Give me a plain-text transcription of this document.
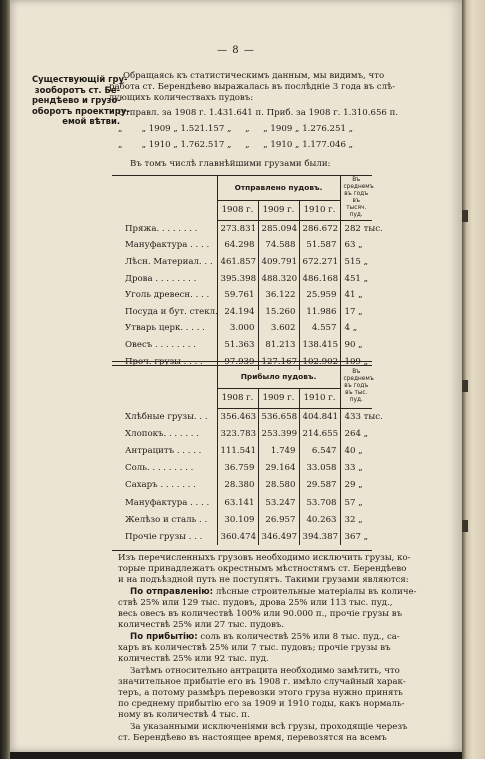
— 8 —
Существующій гру-
зооборотъ ст. Бе-
рендѣево и грузо-
оборотъ проектиру-
емой вѣтви.
Обращаясь къ статистическимъ данным, мы видимъ, что
работа ст. Берендѣево выражалась въ послѣдніе 3 года въ слѣ-
дующихъ количествахъ пудовъ:
Отправл. за 1908 г. 1.431.641 п. Приб. за 1908 г. 1.310.656 п.
„       „ 1909 „ 1.521.157 „     „     „ 1909 „ 1.276.251 „
„       „ 1910 „ 1.762.517 „     „     „ 1910 „ 1.177.046 „
Въ томъ числѣ главнѣйшими грузами были:
	Отправлено пудовъ.			Въ среднемъ въ годъ въ тысяч. пуд.
	1908 г.	1909 г.	1910 г.	
Пряжа. . . . . . . .	273.831	285.094	286.672	282 тыс.
Мануфактура . . . .	64.298	74.588	51.587	63 „
Лѣсн. Материал. . .	461.857	409.791	672.271	515 „
Дрова . . . . . . . .	395.398	488.320	486.168	451 „
Уголь древесн. . . .	59.761	36.122	25.959	41 „
Посуда и бут. стекл.	24.194	15.260	11.986	17 „
Утварь церк. . . . .	3.000	3.602	4.557	4 „
Овесъ . . . . . . . .	51.363	81.213	138.415	90 „
Проч. грузы . . . .	97.939	127.167	102.902	109 „
	Прибыло пудовъ.			Въ среднемъ въ годъ въ тыс. пуд.
	1908 г.	1909 г.	1910 г.	
Хлѣбные грузы. . .	356.463	536.658	404.841	433 тыс.
Хлопокъ. . . . . . .	323.783	253.399	214.655	264 „
Антрацитъ . . . . .	111.541	1.749	6.547	40 „
Соль. . . . . . . . .	36.759	29.164	33.058	33 „
Сахаръ . . . . . . .	28.380	28.580	29.587	29 „
Мануфактура . . . .	63.141	53.247	53.708	57 „
Желѣзо и сталь . .	30.109	26.957	40.263	32 „
Прочіе грузы . . .	360.474	346.497	394.387	367 „
Изъ перечисленныхъ грузовъ необходимо исключить грузы, ко-
торые принадлежатъ окрестнымъ мѣстностямъ ст. Берендѣево
и на подъѣздной путь не поступятъ. Такими грузами являются:
По отправленію: лѣсные строительные матеріалы въ количе-
ствѣ 25% или 129 тыс. пудовъ, дрова 25% или 113 тыс. пуд.,
весь овесъ въ количествѣ 100% или 90.000 п., прочіе грузы въ
количествѣ 25% или 27 тыс. пудовъ.
По прибытію: соль въ количествѣ 25% или 8 тыс. пуд., са-
харъ въ количествѣ 25% или 7 тыс. пудовъ; прочіе грузы въ
количествѣ 25% или 92 тыс. пуд.
Затѣмъ относительно антрацита необходимо замѣтить, что
значительное прибытіе его въ 1908 г. имѣло случайный харак-
теръ, а потому размѣръ перевозки этого груза нужно принять
по среднему прибытію его за 1909 и 1910 годы, какъ нормаль-
ному въ количествѣ 4 тыс. п.
За указанными исключеніями всѣ грузы, проходящіе черезъ
ст. Берендѣево въ настоящее время, перевозятся на всемъ
